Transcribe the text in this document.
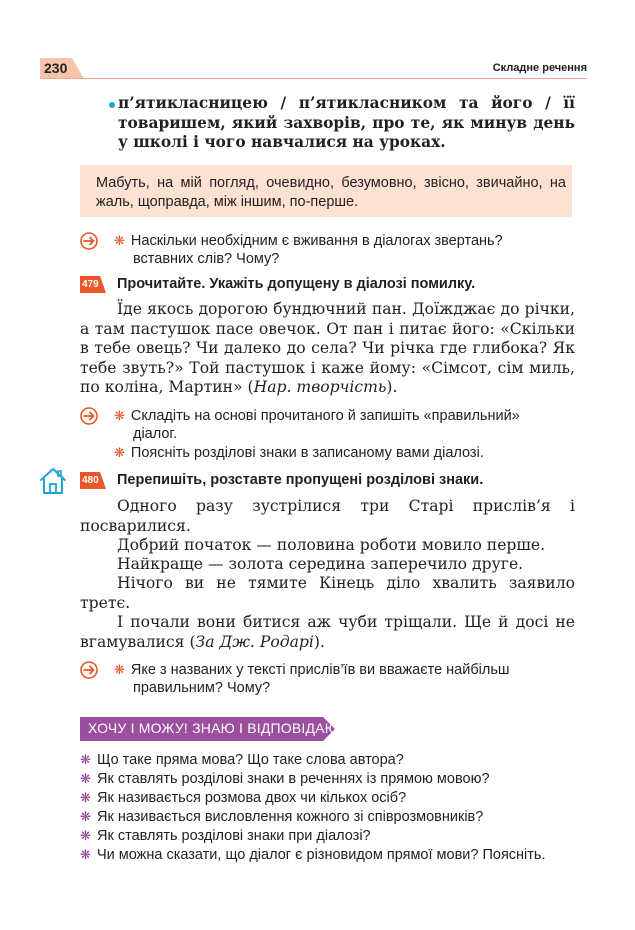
230	Складне речення
п’ятикласницею / п’ятикласником та його / її товаришем, який захворів, про те, як минув день у школі і чого навчалися на уроках.
Мабуть, на мій погляд, очевидно, безумовно, звісно, звичайно, на жаль, щоправда, між іншим, по-перше.
❋ Наскільки необхідним є вживання в діалогах звертань?
вставних слів? Чому?
479 Прочитайте. Укажіть допущену в діалозі помилку.
Їде якось дорогою бундючний пан. Доїжджає до річки, а там пастушок пасе овечок. От пан і питає його: «Скільки в тебе овець? Чи далеко до села? Чи річка где глибока? Як тебе звуть?» Той пастушок і каже йому: «Сімсот, сім миль, по коліна, Мартин» (Нар. творчість).
❋ Складіть на основі прочитаного й запишіть «правильний»
діалог.
❋ Поясніть розділові знаки в записаному вами діалозі.
480 Перепишіть, розставте пропущені розділові знаки.
Одного разу зустрілися три Старі прислів’я і посварилися.
Добрий початок — половина роботи мовило перше.
Найкраще — золота середина заперечило друге.
Нічого ви не тямите Кінець діло хвалить заявило третє.
І почали вони битися аж чуби тріщали. Ще й досі не вгамувалися (За Дж. Родарі).
❋ Яке з названих у тексті прислів’їв ви вважаєте найбільш
правильним? Чому?
ХОЧУ І МОЖУ! ЗНАЮ І ВІДПОВІДАЮ!
❋ Що таке пряма мова? Що таке слова автора?
❋ Як ставлять розділові знаки в реченнях із прямою мовою?
❋ Як називається розмова двох чи кількох осіб?
❋ Як називається висловлення кожного зі співрозмовників?
❋ Як ставлять розділові знаки при діалозі?
❋ Чи можна сказати, що діалог є різновидом прямої мови? Поясніть.
